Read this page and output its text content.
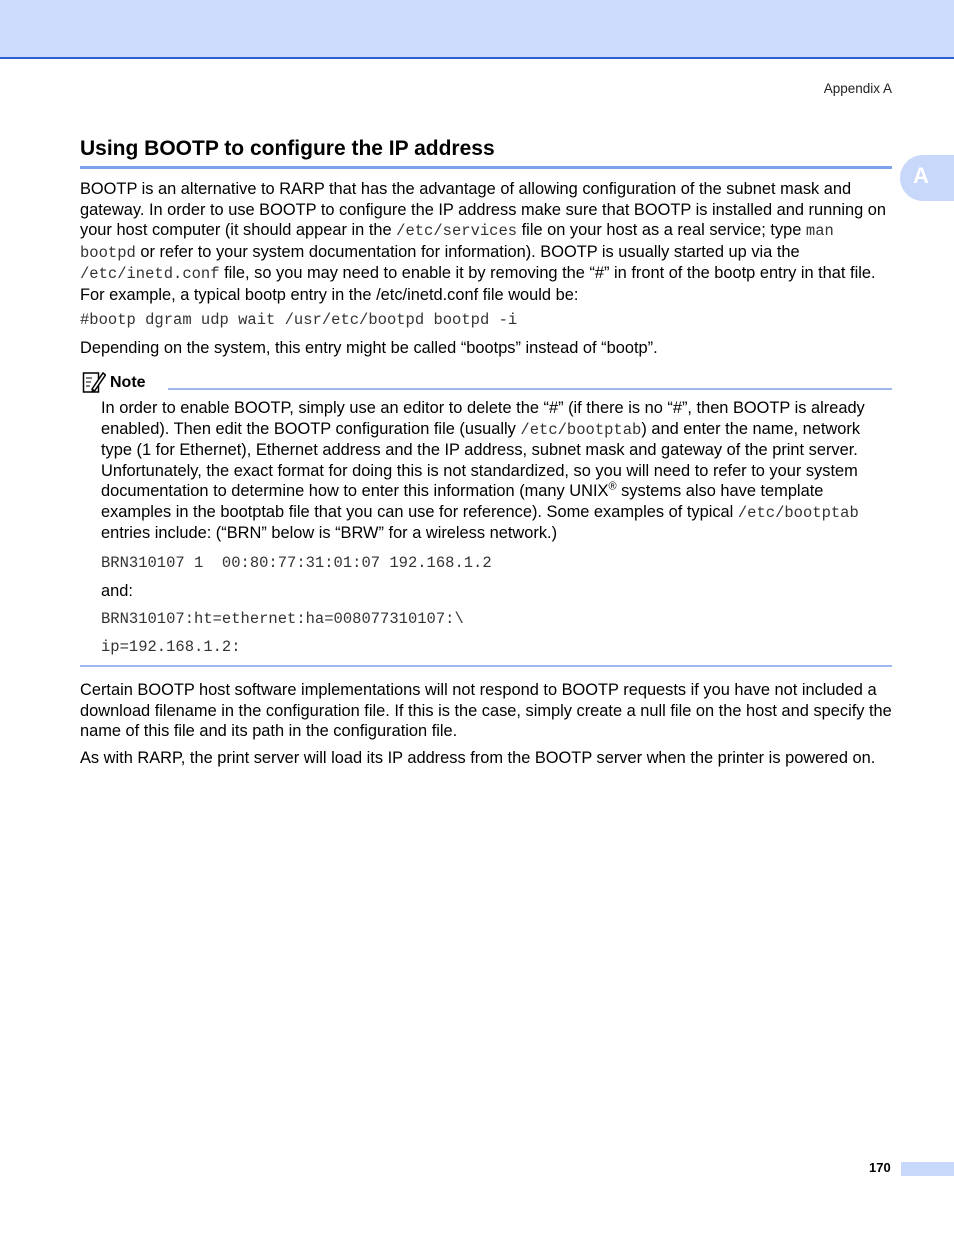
Appendix A
A
Using BOOTP to configure the IP address

BOOTP is an alternative to RARP that has the advantage of allowing configuration of the subnet mask and gateway. In order to use BOOTP to configure the IP address make sure that BOOTP is installed and running on your host computer (it should appear in the /etc/services file on your host as a real service; type man bootpd or refer to your system documentation for information). BOOTP is usually started up via the /etc/inetd.conf file, so you may need to enable it by removing the “#” in front of the bootp entry in that file. For example, a typical bootp entry in the /etc/inetd.conf file would be:

#bootp dgram udp wait /usr/etc/bootpd bootpd -i

Depending on the system, this entry might be called “bootps” instead of “bootp”.

Note

In order to enable BOOTP, simply use an editor to delete the “#” (if there is no “#”, then BOOTP is already enabled). Then edit the BOOTP configuration file (usually /etc/bootptab) and enter the name, network type (1 for Ethernet), Ethernet address and the IP address, subnet mask and gateway of the print server. Unfortunately, the exact format for doing this is not standardized, so you will need to refer to your system documentation to determine how to enter this information (many UNIX® systems also have template examples in the bootptab file that you can use for reference). Some examples of typical /etc/bootptab entries include: (“BRN” below is “BRW” for a wireless network.)

BRN310107 1  00:80:77:31:01:07 192.168.1.2

and:

BRN310107:ht=ethernet:ha=008077310107:\
ip=192.168.1.2:

Certain BOOTP host software implementations will not respond to BOOTP requests if you have not included a download filename in the configuration file. If this is the case, simply create a null file on the host and specify the name of this file and its path in the configuration file.

As with RARP, the print server will load its IP address from the BOOTP server when the printer is powered on.

170
